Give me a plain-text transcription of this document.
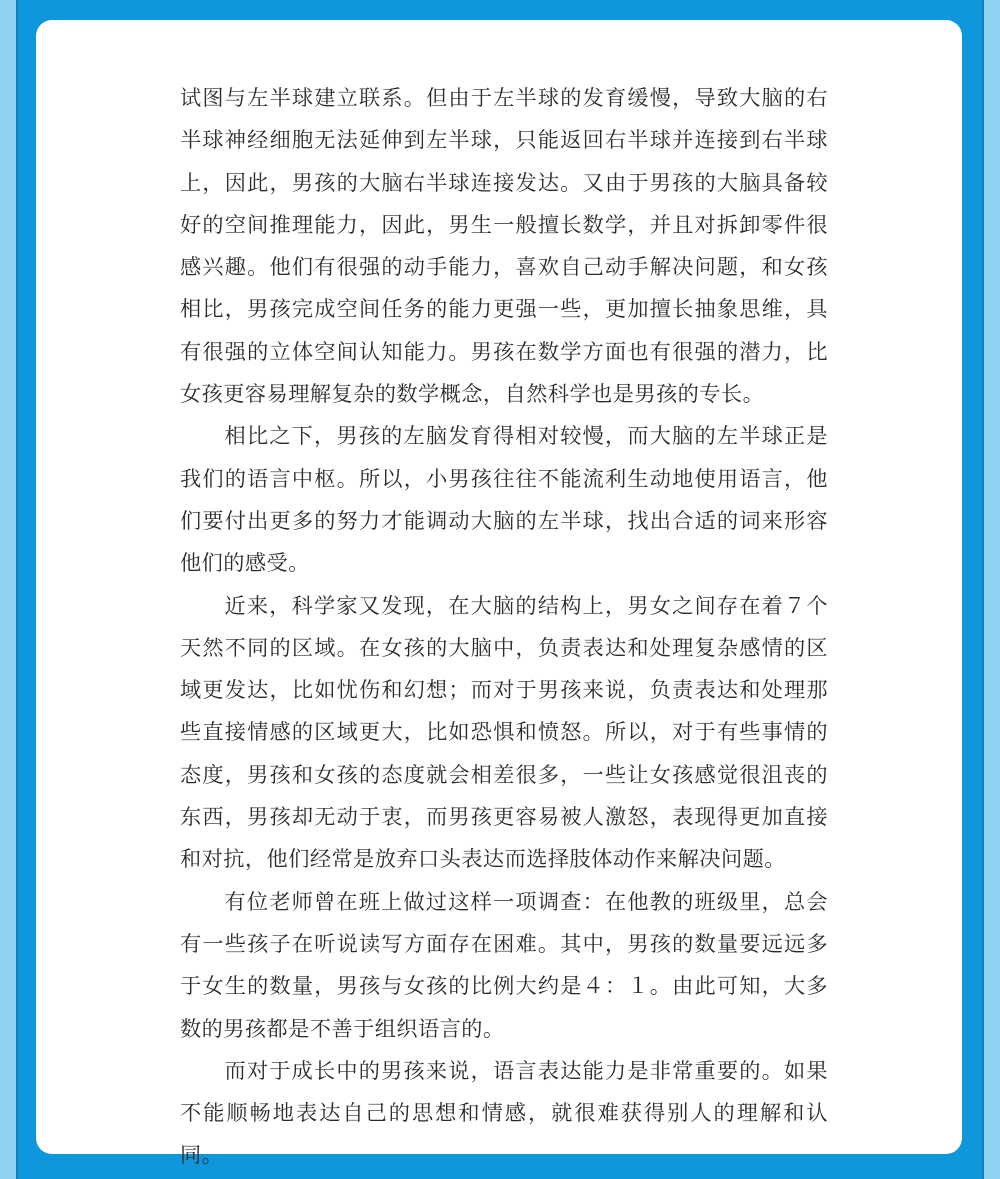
试图与左半球建立联系。但由于左半球的发育缓慢，导致大脑的右半球神经细胞无法延伸到左半球，只能返回右半球并连接到右半球上，因此，男孩的大脑右半球连接发达。又由于男孩的大脑具备较好的空间推理能力，因此，男生一般擅长数学，并且对拆卸零件很感兴趣。他们有很强的动手能力，喜欢自己动手解决问题，和女孩相比，男孩完成空间任务的能力更强一些，更加擅长抽象思维，具有很强的立体空间认知能力。男孩在数学方面也有很强的潜力，比女孩更容易理解复杂的数学概念，自然科学也是男孩的专长。

相比之下，男孩的左脑发育得相对较慢，而大脑的左半球正是我们的语言中枢。所以，小男孩往往不能流利生动地使用语言，他们要付出更多的努力才能调动大脑的左半球，找出合适的词来形容他们的感受。

近来，科学家又发现，在大脑的结构上，男女之间存在着７个天然不同的区域。在女孩的大脑中，负责表达和处理复杂感情的区域更发达，比如忧伤和幻想；而对于男孩来说，负责表达和处理那些直接情感的区域更大，比如恐惧和愤怒。所以，对于有些事情的态度，男孩和女孩的态度就会相差很多，一些让女孩感觉很沮丧的东西，男孩却无动于衷，而男孩更容易被人激怒，表现得更加直接和对抗，他们经常是放弃口头表达而选择肢体动作来解决问题。

有位老师曾在班上做过这样一项调查：在他教的班级里，总会有一些孩子在听说读写方面存在困难。其中，男孩的数量要远远多于女生的数量，男孩与女孩的比例大约是４：１。由此可知，大多数的男孩都是不善于组织语言的。

而对于成长中的男孩来说，语言表达能力是非常重要的。如果不能顺畅地表达自己的思想和情感，就很难获得别人的理解和认同。
